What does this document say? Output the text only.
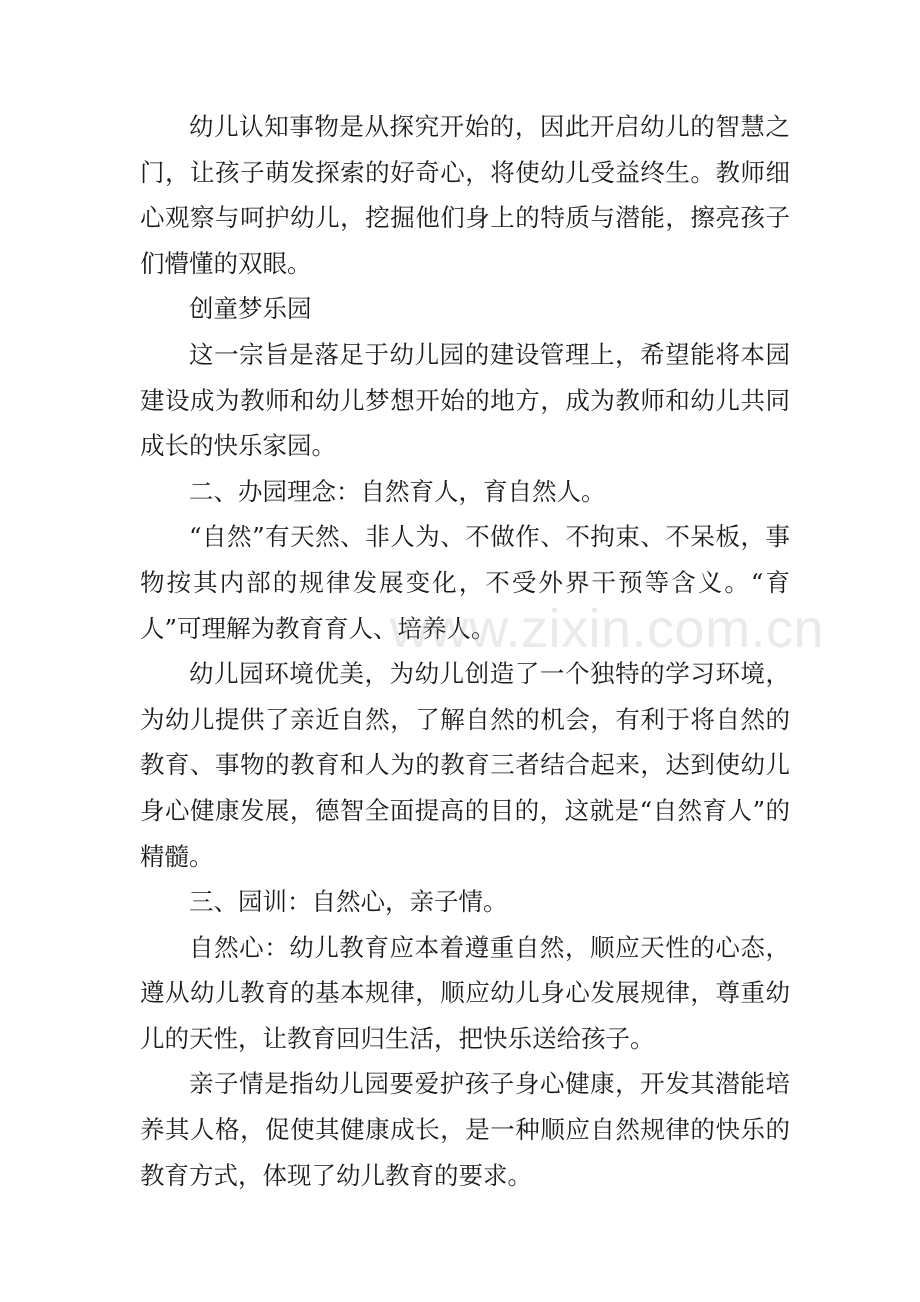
幼儿认知事物是从探究开始的，因此开启幼儿的智慧之门，让孩子萌发探索的好奇心，将使幼儿受益终生。教师细心观察与呵护幼儿，挖掘他们身上的特质与潜能，擦亮孩子们懵懂的双眼。

创童梦乐园

这一宗旨是落足于幼儿园的建设管理上，希望能将本园建设成为教师和幼儿梦想开始的地方，成为教师和幼儿共同成长的快乐家园。

二、办园理念：自然育人，育自然人。

“自然”有天然、非人为、不做作、不拘束、不呆板，事物按其内部的规律发展变化，不受外界干预等含义。“育人”可理解为教育育人、培养人。

幼儿园环境优美，为幼儿创造了一个独特的学习环境，为幼儿提供了亲近自然，了解自然的机会，有利于将自然的教育、事物的教育和人为的教育三者结合起来，达到使幼儿身心健康发展，德智全面提高的目的，这就是“自然育人”的精髓。

三、园训：自然心，亲子情。

自然心：幼儿教育应本着遵重自然，顺应天性的心态，遵从幼儿教育的基本规律，顺应幼儿身心发展规律，尊重幼儿的天性，让教育回归生活，把快乐送给孩子。

亲子情是指幼儿园要爱护孩子身心健康，开发其潜能培养其人格，促使其健康成长，是一种顺应自然规律的快乐的教育方式，体现了幼儿教育的要求。

www.zixin.com.cn
